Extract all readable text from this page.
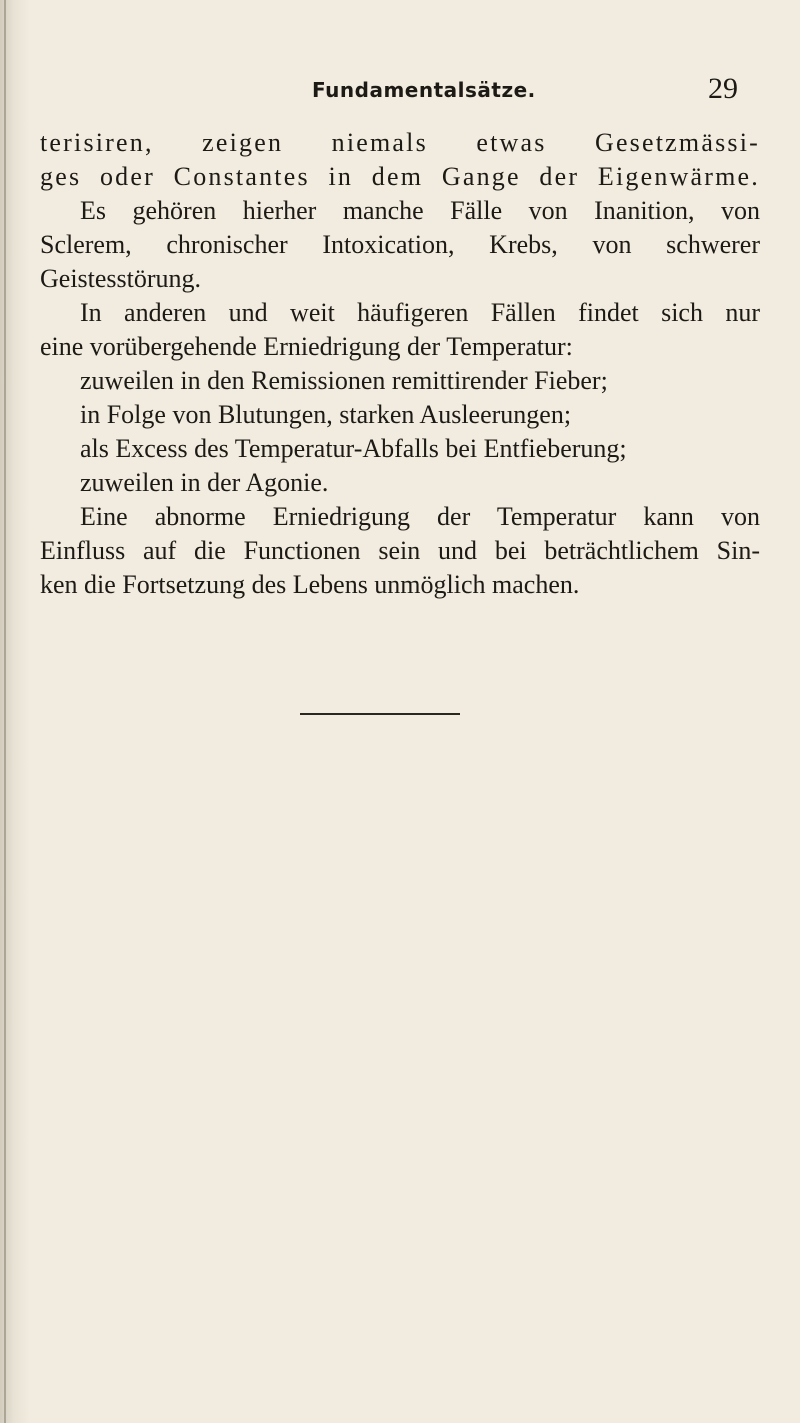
Fundamentalsätze.	29
terisiren, zeigen niemals etwas Gesetzmässi-
ges oder Constantes in dem Gange der Eigenwärme.
Es gehören hierher manche Fälle von Inanition, von
Sclerem, chronischer Intoxication, Krebs, von schwerer
Geistesstörung.
In anderen und weit häufigeren Fällen findet sich nur
eine vorübergehende Erniedrigung der Temperatur:
zuweilen in den Remissionen remittirender Fieber;
in Folge von Blutungen, starken Ausleerungen;
als Excess des Temperatur-Abfalls bei Entfieberung;
zuweilen in der Agonie.
Eine abnorme Erniedrigung der Temperatur kann von
Einfluss auf die Functionen sein und bei beträchtlichem Sin-
ken die Fortsetzung des Lebens unmöglich machen.
